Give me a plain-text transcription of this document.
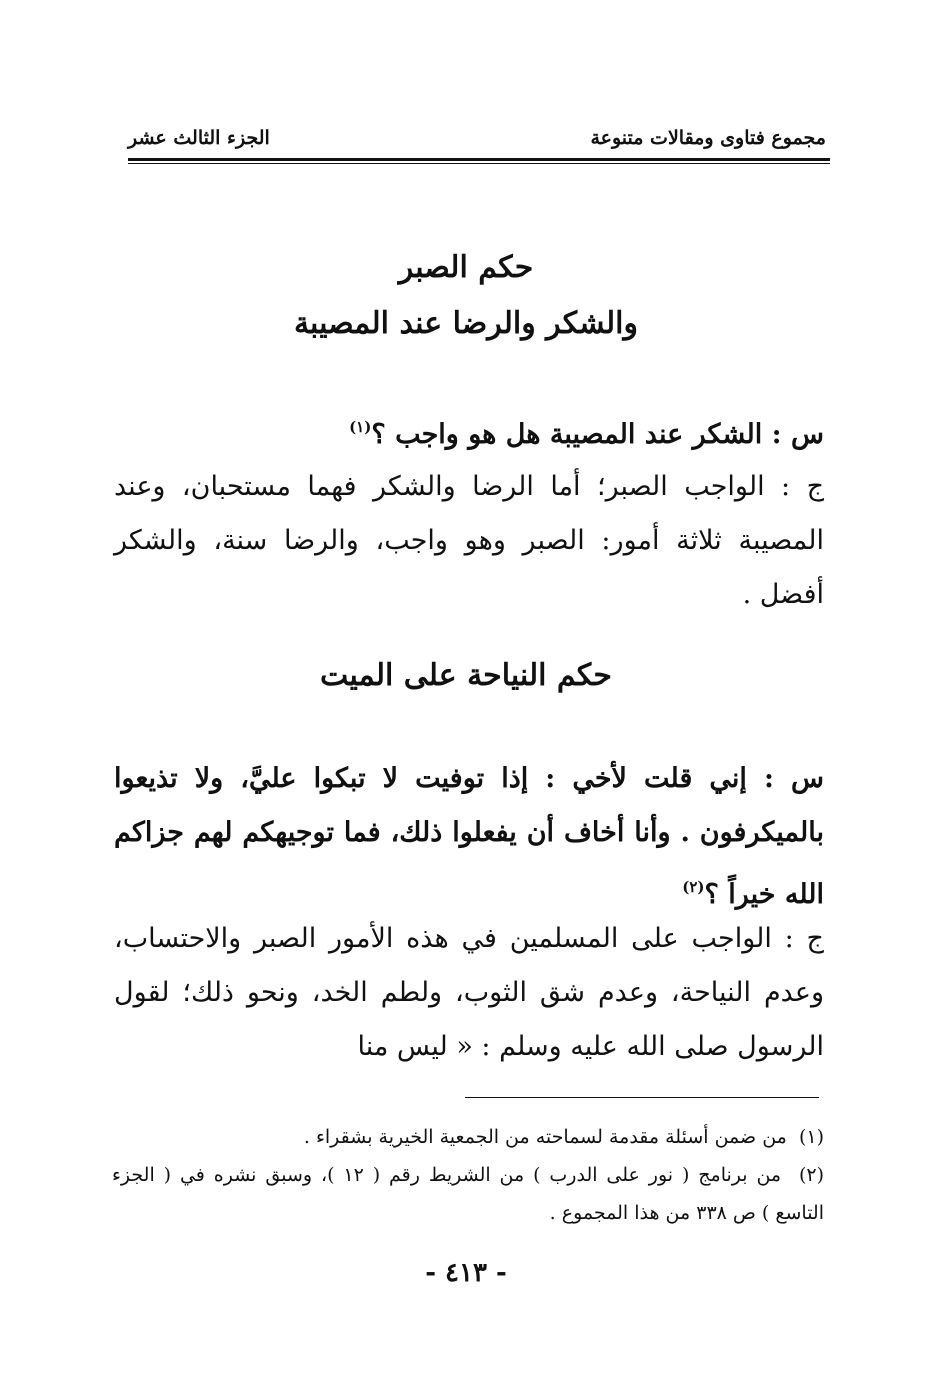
مجموع فتاوى ومقالات متنوعة
الجزء الثالث عشر
حكم الصبر
والشكر والرضا عند المصيبة
س : الشكر عند المصيبة هل هو واجب ؟$^{(١)}$
ج : الواجب الصبر؛ أما الرضا والشكر فهما مستحبان، وعند المصيبة ثلاثة أمور: الصبر وهو واجب، والرضا سنة، والشكر أفضل .
حكم النياحة على الميت
س : إني قلت لأخي : إذا توفيت لا تبكوا عليَّ، ولا تذيعوا بالميكرفون . وأنا أخاف أن يفعلوا ذلك، فما توجيهكم لهم جزاكم الله خيراً ؟$^{(٢)}$
ج : الواجب على المسلمين في هذه الأمور الصبر والاحتساب، وعدم النياحة، وعدم شق الثوب، ولطم الخد، ونحو ذلك؛ لقول الرسول صلى الله عليه وسلم : « ليس منا
(١)  من ضمن أسئلة مقدمة لسماحته من الجمعية الخيرية بشقراء .
(٢)  من برنامج ( نور على الدرب ) من الشريط رقم ( ١٢ )، وسبق نشره في ( الجزء التاسع ) ص ٣٣٨ من هذا المجموع .
- ٤١٣ -
